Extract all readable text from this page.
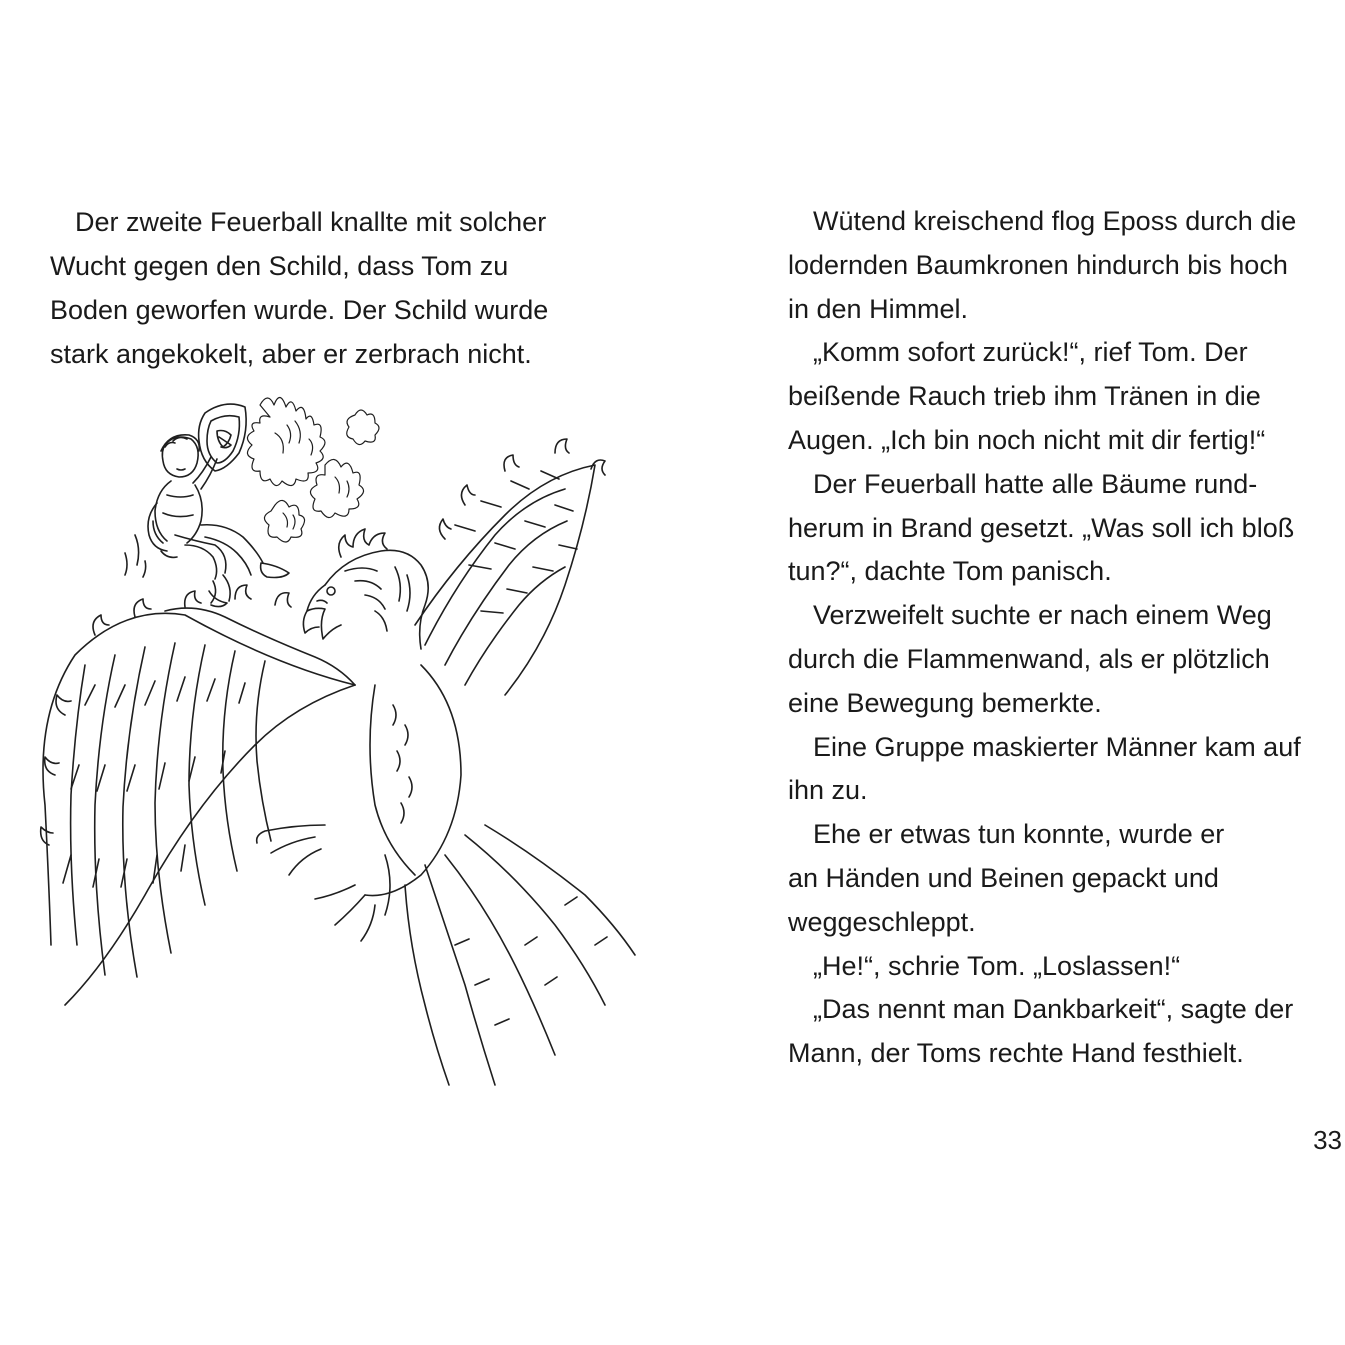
Der zweite Feuerball knallte mit solcher
Wucht gegen den Schild, dass Tom zu
Boden geworfen wurde. Der Schild wurde
stark angekokelt, aber er zerbrach nicht.
Wütend kreischend flog Eposs durch die
lodernden Baumkronen hindurch bis hoch
in den Himmel.
„Komm sofort zurück!“, rief Tom. Der
beißende Rauch trieb ihm Tränen in die
Augen. „Ich bin noch nicht mit dir fertig!“
Der Feuerball hatte alle Bäume rund-
herum in Brand gesetzt. „Was soll ich bloß
tun?“, dachte Tom panisch.
Verzweifelt suchte er nach einem Weg
durch die Flammenwand, als er plötzlich
eine Bewegung bemerkte.
Eine Gruppe maskierter Männer kam auf
ihn zu.
Ehe er etwas tun konnte, wurde er
an Händen und Beinen gepackt und
weggeschleppt.
„He!“, schrie Tom. „Loslassen!“
„Das nennt man Dankbarkeit“, sagte der
Mann, der Toms rechte Hand festhielt.
33
